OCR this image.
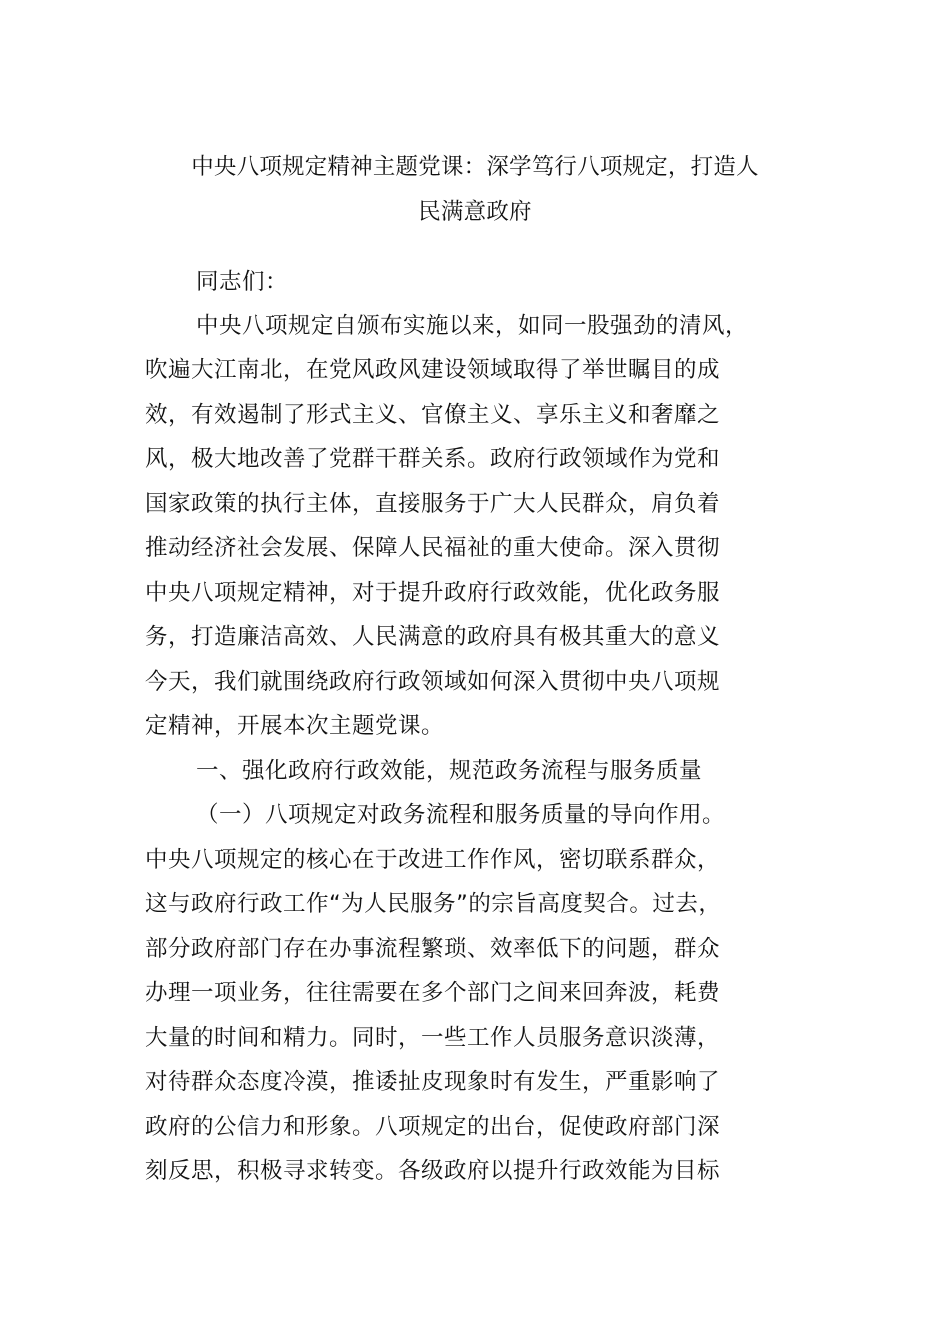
中央八项规定精神主题党课：深学笃行八项规定，打造人
民满意政府
同志们：
中央八项规定自颁布实施以来，如同一股强劲的清风，
吹遍大江南北，在党风政风建设领域取得了举世瞩目的成
效，有效遏制了形式主义、官僚主义、享乐主义和奢靡之
风，极大地改善了党群干群关系。政府行政领域作为党和
国家政策的执行主体，直接服务于广大人民群众，肩负着
推动经济社会发展、保障人民福祉的重大使命。深入贯彻
中央八项规定精神，对于提升政府行政效能，优化政务服
务，打造廉洁高效、人民满意的政府具有极其重大的意义
今天，我们就围绕政府行政领域如何深入贯彻中央八项规
定精神，开展本次主题党课。
一、强化政府行政效能，规范政务流程与服务质量
（一）八项规定对政务流程和服务质量的导向作用。
中央八项规定的核心在于改进工作作风，密切联系群众，
这与政府行政工作“为人民服务”的宗旨高度契合。过去，
部分政府部门存在办事流程繁琐、效率低下的问题，群众
办理一项业务，往往需要在多个部门之间来回奔波，耗费
大量的时间和精力。同时，一些工作人员服务意识淡薄，
对待群众态度冷漠，推诿扯皮现象时有发生，严重影响了
政府的公信力和形象。八项规定的出台，促使政府部门深
刻反思，积极寻求转变。各级政府以提升行政效能为目标
